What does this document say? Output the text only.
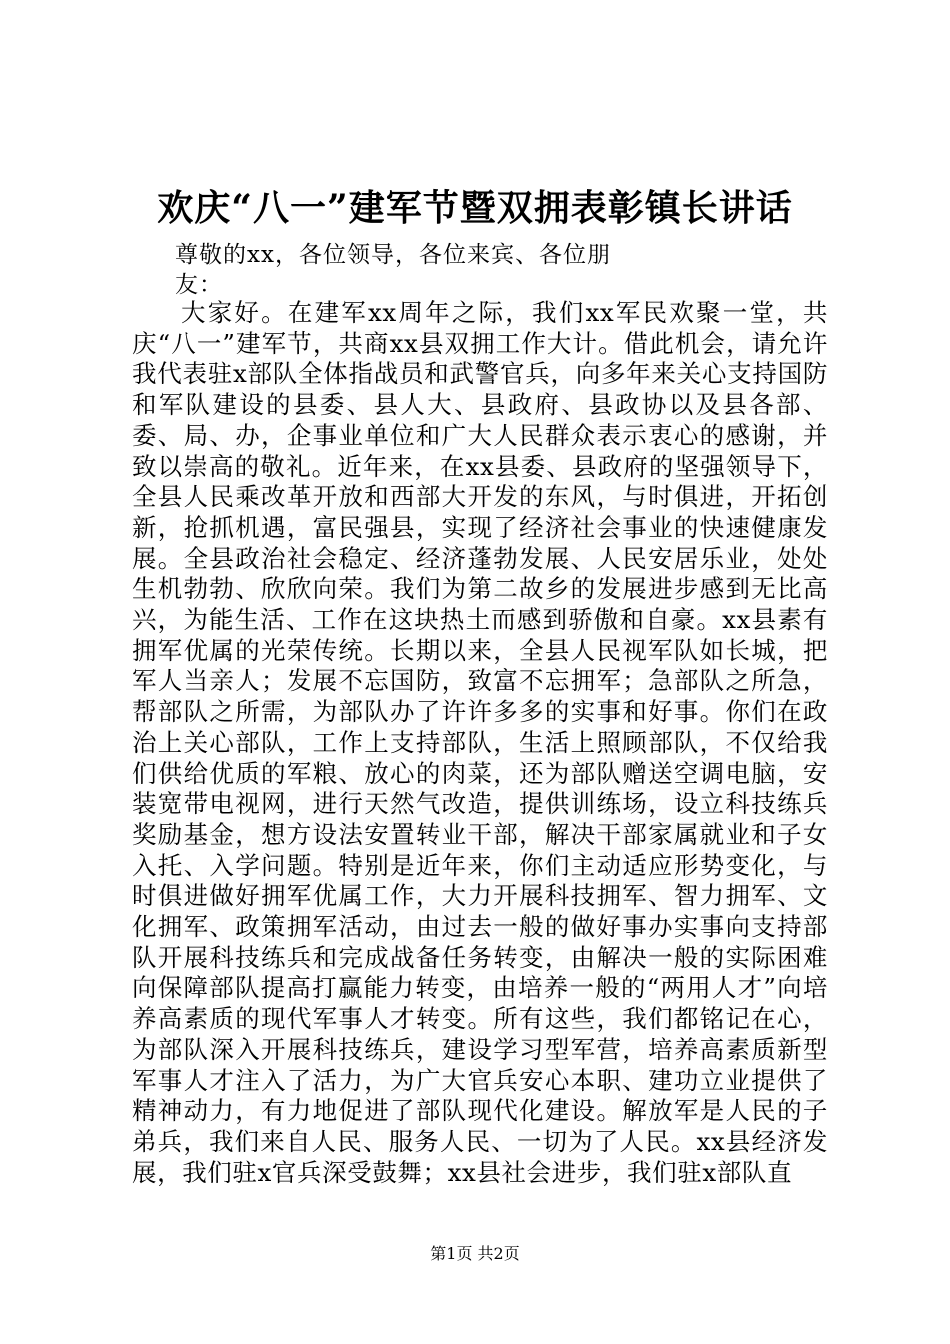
欢庆“八一”建军节暨双拥表彰镇长讲话
尊敬的xx，各位领导，各位来宾、各位朋友：

大家好。在建军xx周年之际，我们xx军民欢聚一堂，共庆“八一”建军节，共商xx县双拥工作大计。借此机会，请允许我代表驻x部队全体指战员和武警官兵，向多年来关心支持国防和军队建设的县委、县人大、县政府、县政协以及县各部、委、局、办，企事业单位和广大人民群众表示衷心的感谢，并致以崇高的敬礼。近年来，在xx县委、县政府的坚强领导下，全县人民乘改革开放和西部大开发的东风，与时俱进，开拓创新，抢抓机遇，富民强县，实现了经济社会事业的快速健康发展。全县政治社会稳定、经济蓬勃发展、人民安居乐业，处处生机勃勃、欣欣向荣。我们为第二故乡的发展进步感到无比高兴，为能生活、工作在这块热土而感到骄傲和自豪。xx县素有拥军优属的光荣传统。长期以来，全县人民视军队如长城，把军人当亲人；发展不忘国防，致富不忘拥军；急部队之所急，帮部队之所需，为部队办了许许多多的实事和好事。你们在政治上关心部队，工作上支持部队，生活上照顾部队，不仅给我们供给优质的军粮、放心的肉菜，还为部队赠送空调电脑，安装宽带电视网，进行天然气改造，提供训练场，设立科技练兵奖励基金，想方设法安置转业干部，解决干部家属就业和子女入托、入学问题。特别是近年来，你们主动适应形势变化，与时俱进做好拥军优属工作，大力开展科技拥军、智力拥军、文化拥军、政策拥军活动，由过去一般的做好事办实事向支持部队开展科技练兵和完成战备任务转变，由解决一般的实际困难向保障部队提高打赢能力转变，由培养一般的“两用人才”向培养高素质的现代军事人才转变。所有这些，我们都铭记在心，为部队深入开展科技练兵，建设学习型军营，培养高素质新型军事人才注入了活力，为广大官兵安心本职、建功立业提供了精神动力，有力地促进了部队现代化建设。解放军是人民的子弟兵，我们来自人民、服务人民、一切为了人民。xx县经济发展，我们驻x官兵深受鼓舞；xx县社会进步，我们驻x部队直

第1页 共2页
